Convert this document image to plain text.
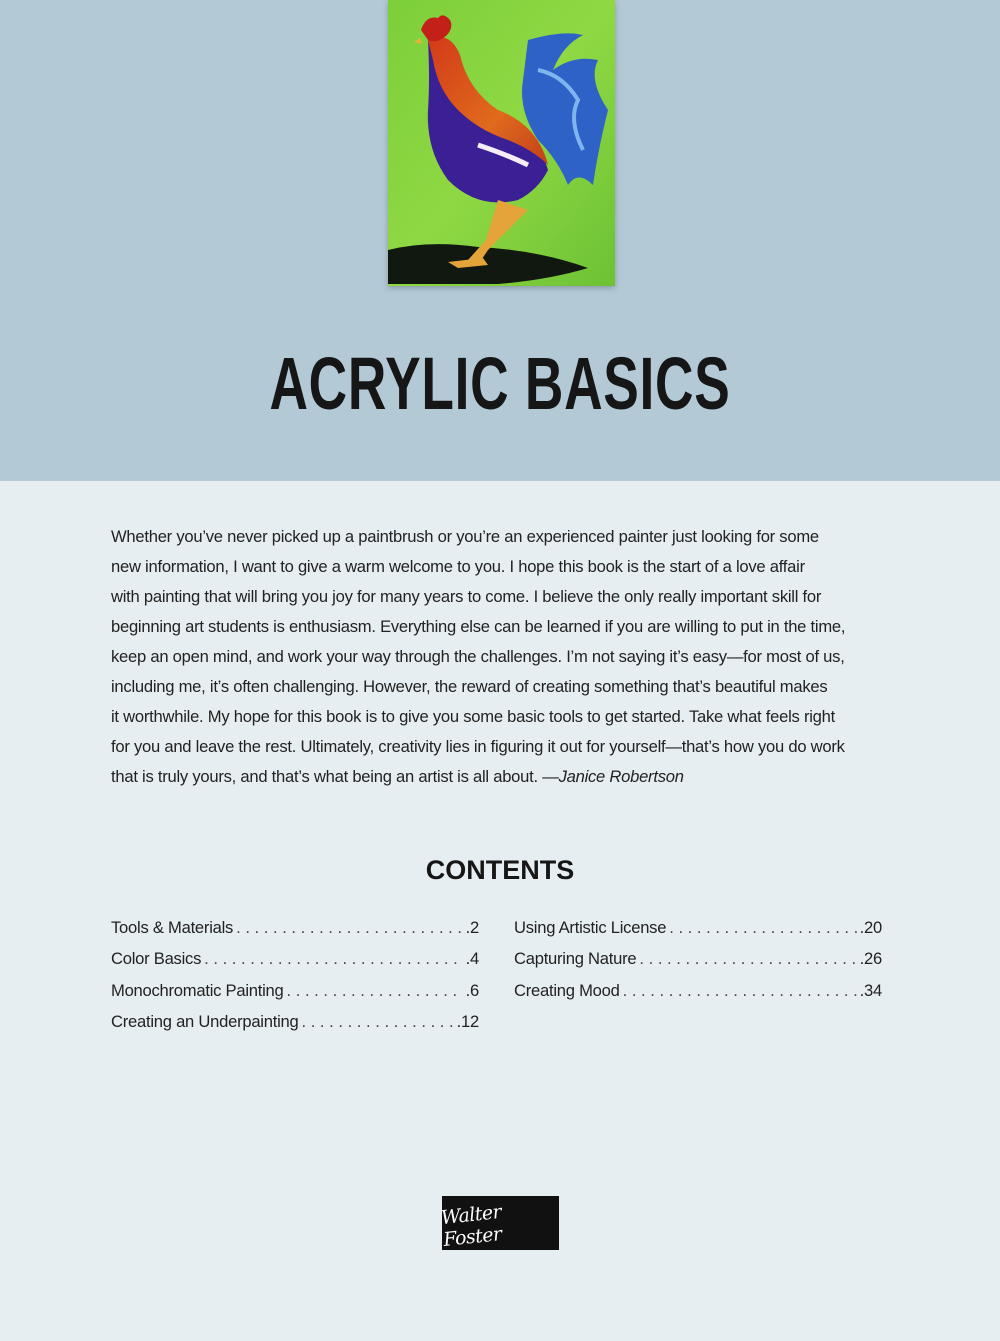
ACRYLIC BASICS
Whether you’ve never picked up a paintbrush or you’re an experienced painter just looking for some
new information, I want to give a warm welcome to you. I hope this book is the start of a love affair
with painting that will bring you joy for many years to come. I believe the only really important skill for
beginning art students is enthusiasm. Everything else can be learned if you are willing to put in the time,
keep an open mind, and work your way through the challenges. I’m not saying it’s easy—for most of us,
including me, it’s often challenging. However, the reward of creating something that’s beautiful makes
it worthwhile. My hope for this book is to give you some basic tools to get started. Take what feels right
for you and leave the rest. Ultimately, creativity lies in figuring it out for yourself—that’s how you do work
that is truly yours, and that’s what being an artist is all about. —Janice Robertson
CONTENTS
Tools & Materials . . .	.2
Color Basics . . .	.4
Monochromatic Painting . . .	.6
Creating an Underpainting . . .	.12
Using Artistic License . . .	.20
Capturing Nature . . .	.26
Creating Mood . . .	.34
Walter Foster
